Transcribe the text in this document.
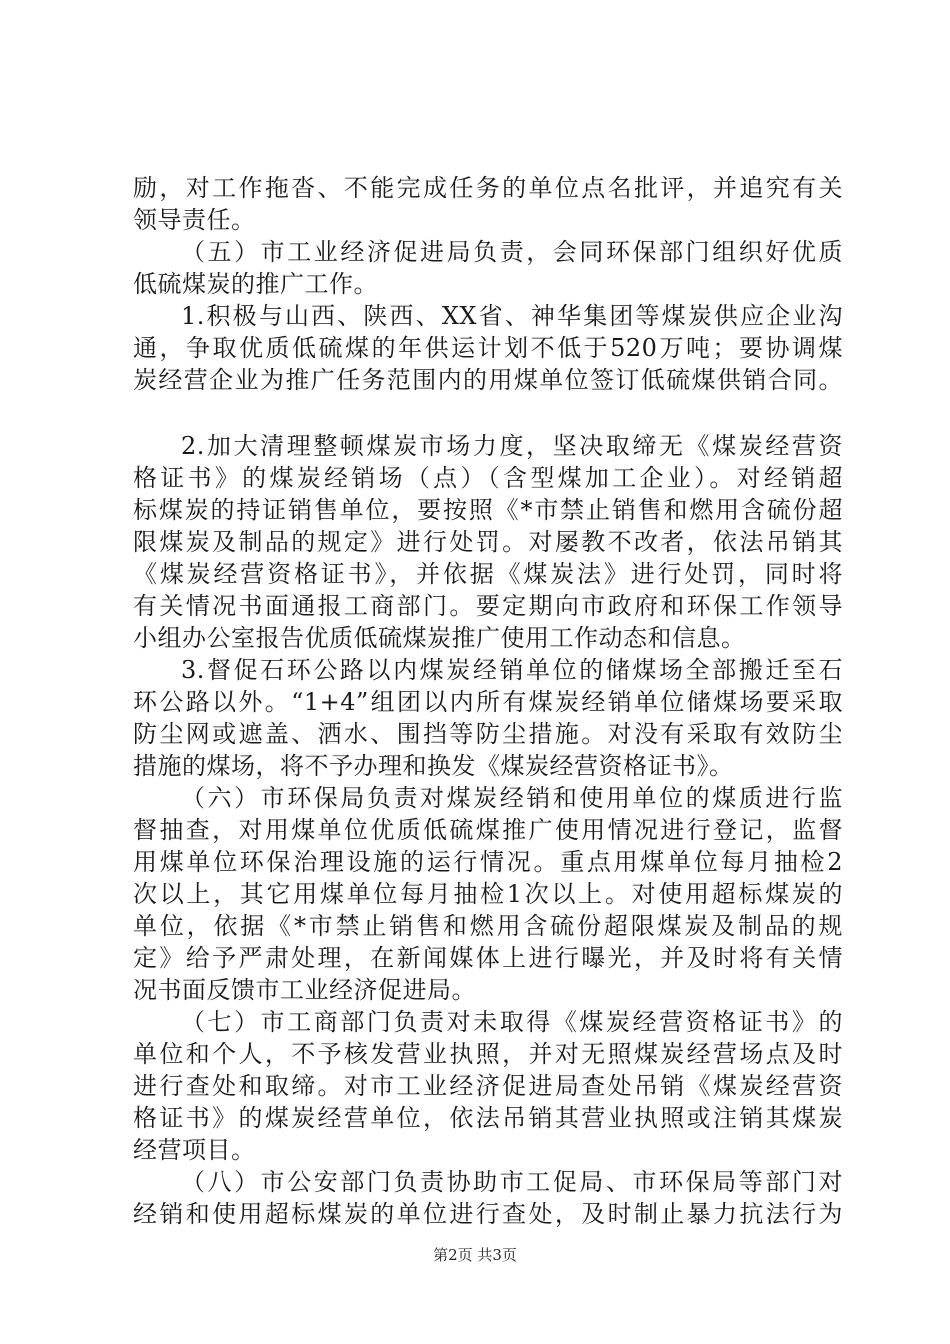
励，对工作拖沓、不能完成任务的单位点名批评，并追究有关
领导责任。
（五）市工业经济促进局负责，会同环保部门组织好优质
低硫煤炭的推广工作。
1.积极与山西、陕西、XX省、神华集团等煤炭供应企业沟
通，争取优质低硫煤的年供运计划不低于520万吨；要协调煤
炭经营企业为推广任务范围内的用煤单位签订低硫煤供销合同。
2.加大清理整顿煤炭市场力度，坚决取缔无《煤炭经营资
格证书》的煤炭经销场（点）（含型煤加工企业）。对经销超
标煤炭的持证销售单位，要按照《*市禁止销售和燃用含硫份超
限煤炭及制品的规定》进行处罚。对屡教不改者，依法吊销其
《煤炭经营资格证书》，并依据《煤炭法》进行处罚，同时将
有关情况书面通报工商部门。要定期向市政府和环保工作领导
小组办公室报告优质低硫煤炭推广使用工作动态和信息。
3.督促石环公路以内煤炭经销单位的储煤场全部搬迁至石
环公路以外。“1+4”组团以内所有煤炭经销单位储煤场要采取
防尘网或遮盖、洒水、围挡等防尘措施。对没有采取有效防尘
措施的煤场，将不予办理和换发《煤炭经营资格证书》。
（六）市环保局负责对煤炭经销和使用单位的煤质进行监
督抽查，对用煤单位优质低硫煤推广使用情况进行登记，监督
用煤单位环保治理设施的运行情况。重点用煤单位每月抽检2
次以上，其它用煤单位每月抽检1次以上。对使用超标煤炭的
单位，依据《*市禁止销售和燃用含硫份超限煤炭及制品的规
定》给予严肃处理，在新闻媒体上进行曝光，并及时将有关情
况书面反馈市工业经济促进局。
（七）市工商部门负责对未取得《煤炭经营资格证书》的
单位和个人，不予核发营业执照，并对无照煤炭经营场点及时
进行查处和取缔。对市工业经济促进局查处吊销《煤炭经营资
格证书》的煤炭经营单位，依法吊销其营业执照或注销其煤炭
经营项目。
（八）市公安部门负责协助市工促局、市环保局等部门对
经销和使用超标煤炭的单位进行查处，及时制止暴力抗法行为
第2页 共3页
